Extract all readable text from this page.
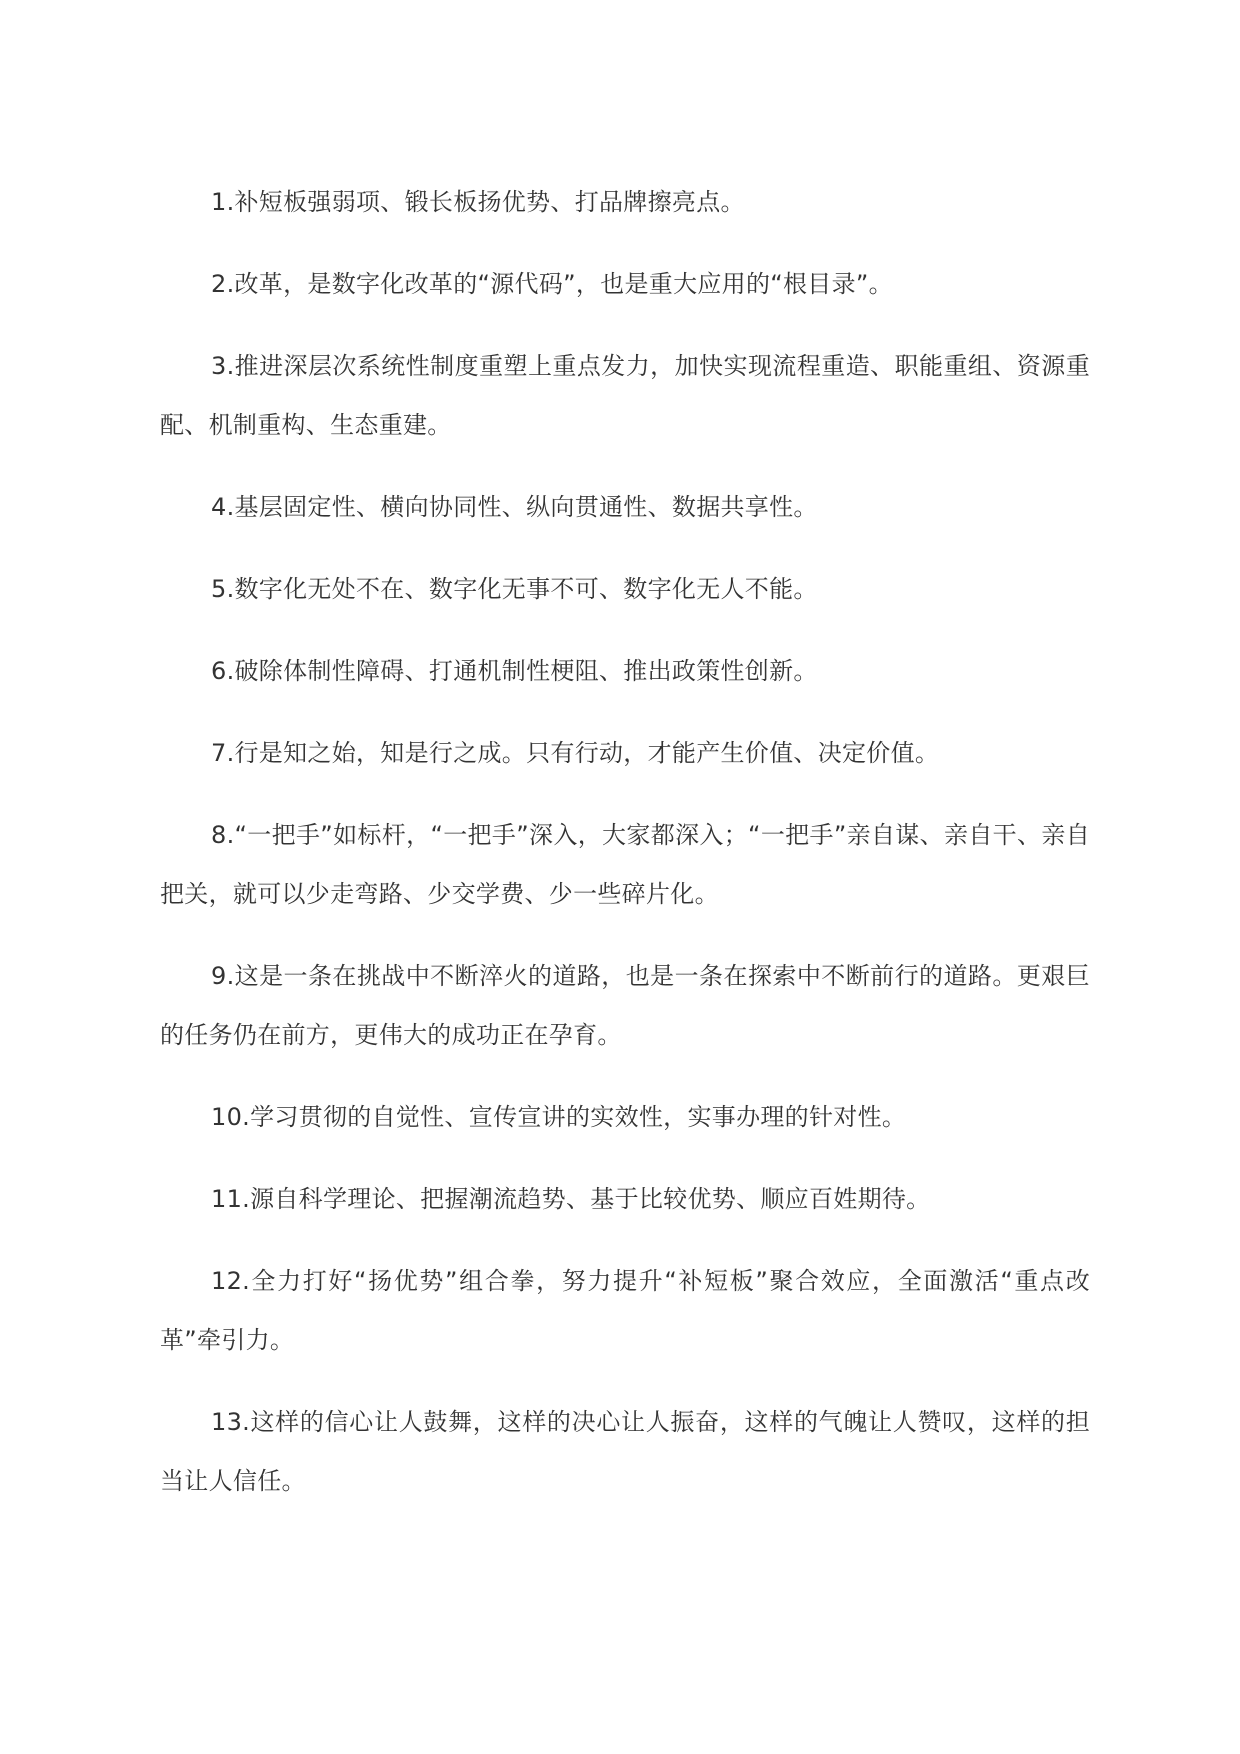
1.补短板强弱项、锻长板扬优势、打品牌擦亮点。

2.改革，是数字化改革的“源代码”，也是重大应用的“根目录”。

3.推进深层次系统性制度重塑上重点发力，加快实现流程重造、职能重组、资源重配、机制重构、生态重建。

4.基层固定性、横向协同性、纵向贯通性、数据共享性。

5.数字化无处不在、数字化无事不可、数字化无人不能。

6.破除体制性障碍、打通机制性梗阻、推出政策性创新。

7.行是知之始，知是行之成。只有行动，才能产生价值、决定价值。

8.“一把手”如标杆，“一把手”深入，大家都深入；“一把手”亲自谋、亲自干、亲自把关，就可以少走弯路、少交学费、少一些碎片化。

9.这是一条在挑战中不断淬火的道路，也是一条在探索中不断前行的道路。更艰巨的任务仍在前方，更伟大的成功正在孕育。

10.学习贯彻的自觉性、宣传宣讲的实效性，实事办理的针对性。

11.源自科学理论、把握潮流趋势、基于比较优势、顺应百姓期待。

12.全力打好“扬优势”组合拳，努力提升“补短板”聚合效应，全面激活“重点改革”牵引力。

13.这样的信心让人鼓舞，这样的决心让人振奋，这样的气魄让人赞叹，这样的担当让人信任。
